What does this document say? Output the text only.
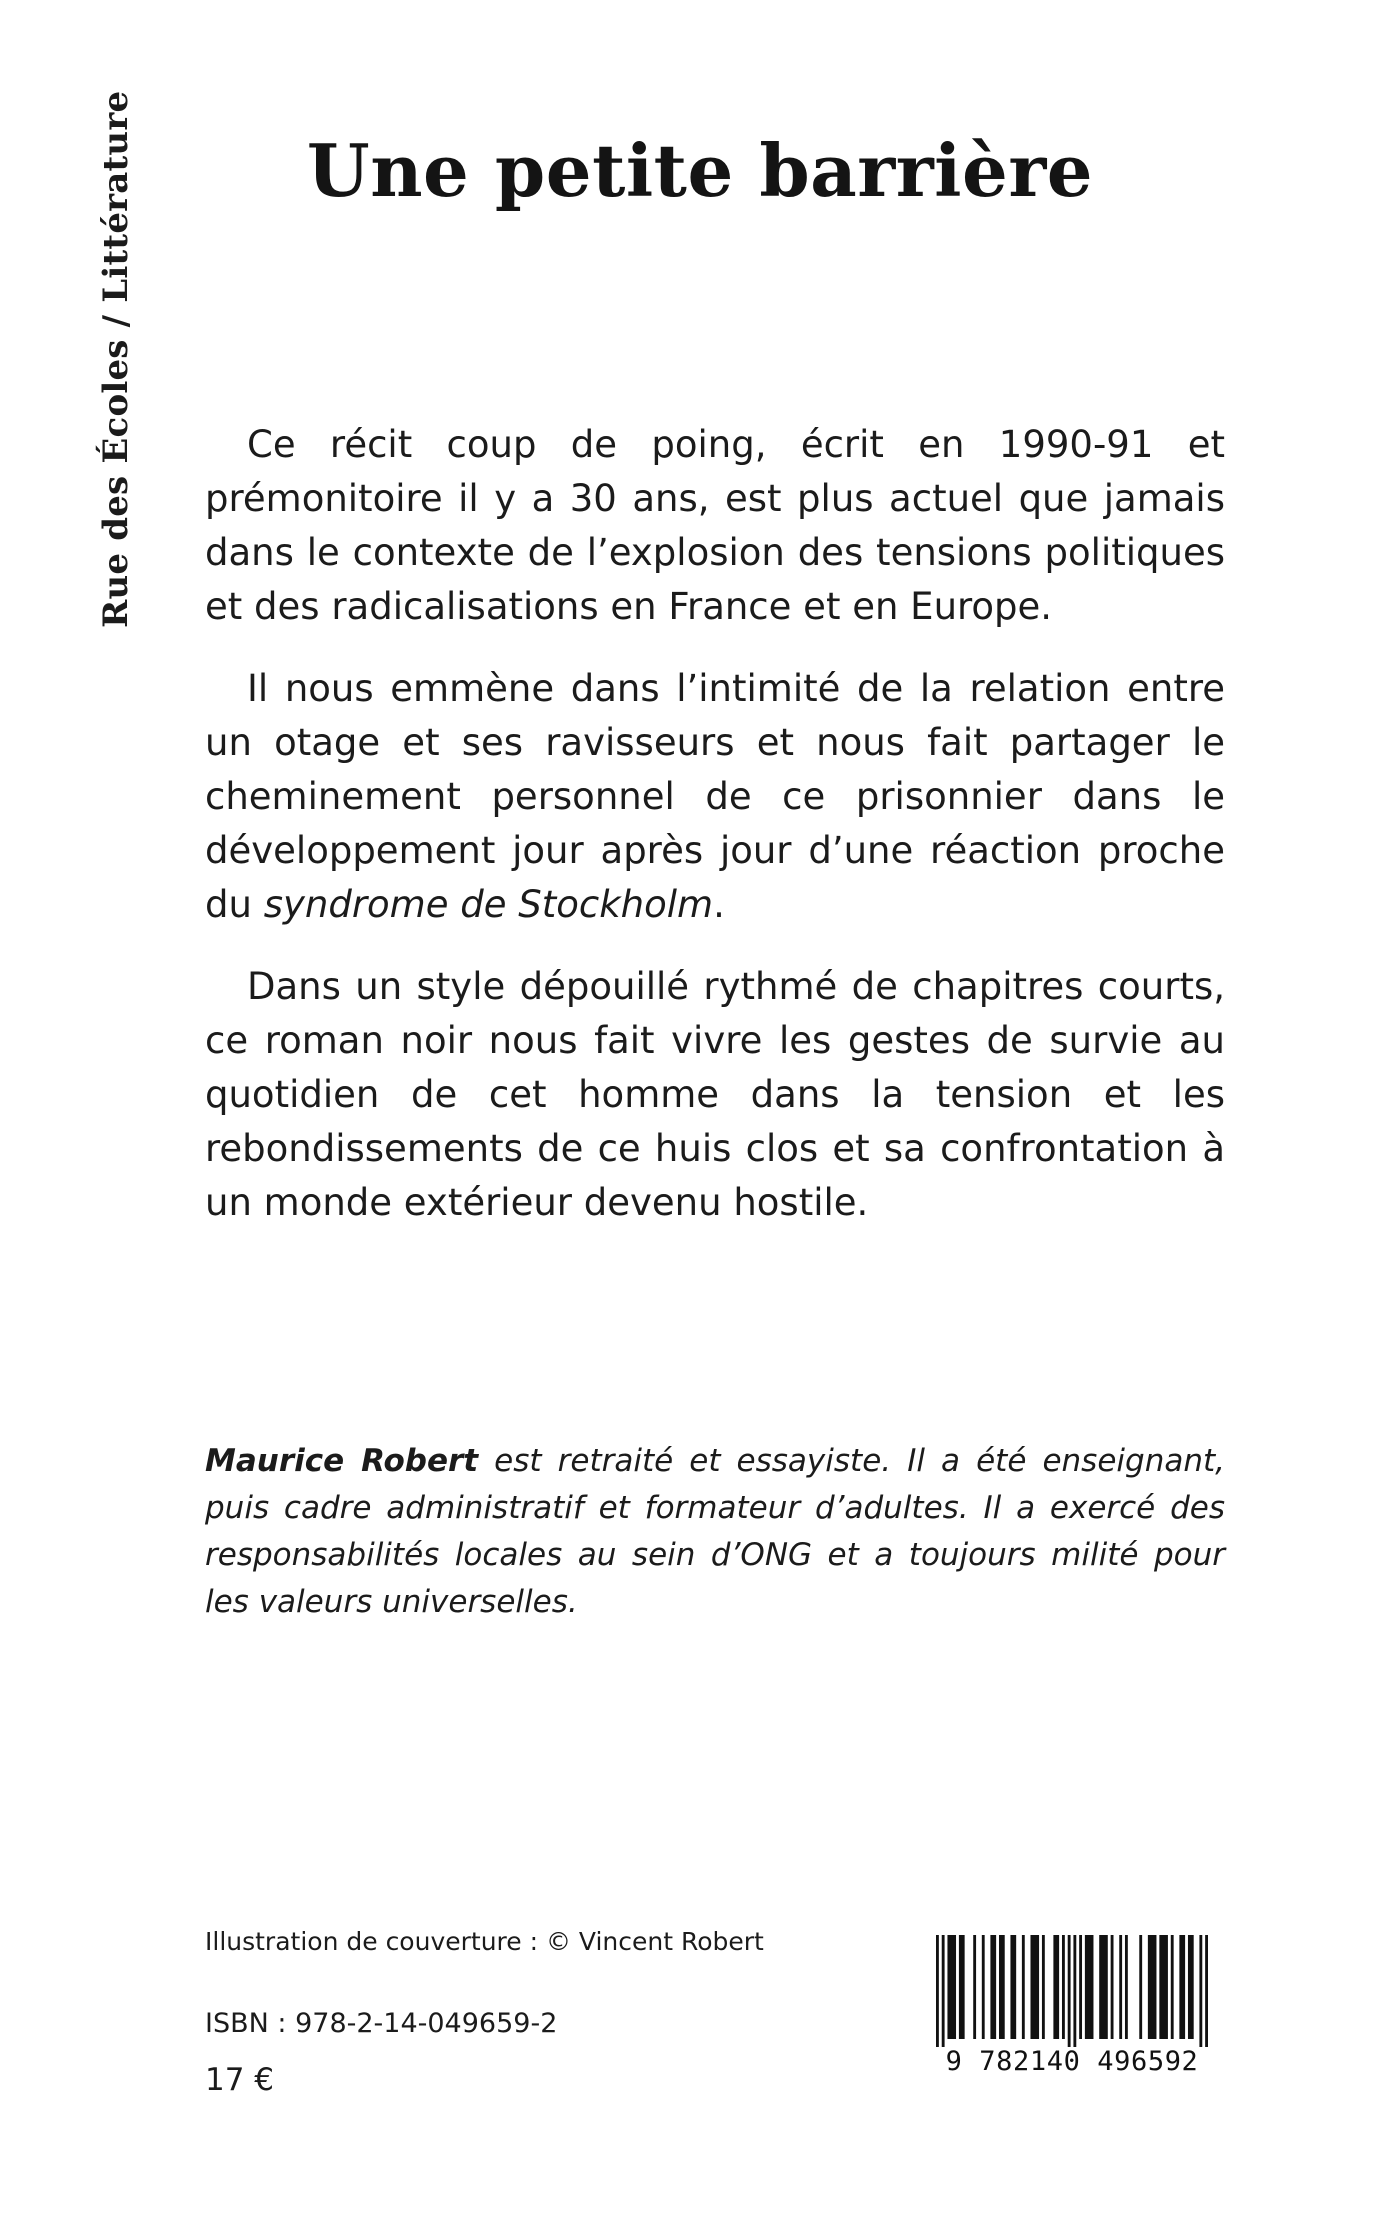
Rue des Écoles / Littérature	Une petite barrière

Ce récit coup de poing, écrit en 1990-91 et prémonitoire il y a 30 ans, est plus actuel que jamais dans le contexte de l’explosion des tensions politiques et des radicalisations en France et en Europe.

Il nous emmène dans l’intimité de la relation entre un otage et ses ravisseurs et nous fait partager le cheminement personnel de ce prisonnier dans le développement jour après jour d’une réaction proche du syndrome de Stockholm.

Dans un style dépouillé rythmé de chapitres courts, ce roman noir nous fait vivre les gestes de survie au quotidien de cet homme dans la tension et les rebondissements de ce huis clos et sa confrontation à un monde extérieur devenu hostile.

Maurice Robert est retraité et essayiste. Il a été enseignant, puis cadre administratif et formateur d’adultes. Il a exercé des responsabilités locales au sein d’ONG et a toujours milité pour les valeurs universelles.

Illustration de couverture : © Vincent Robert
ISBN : 978-2-14-049659-2
17 €
9 782140 496592
